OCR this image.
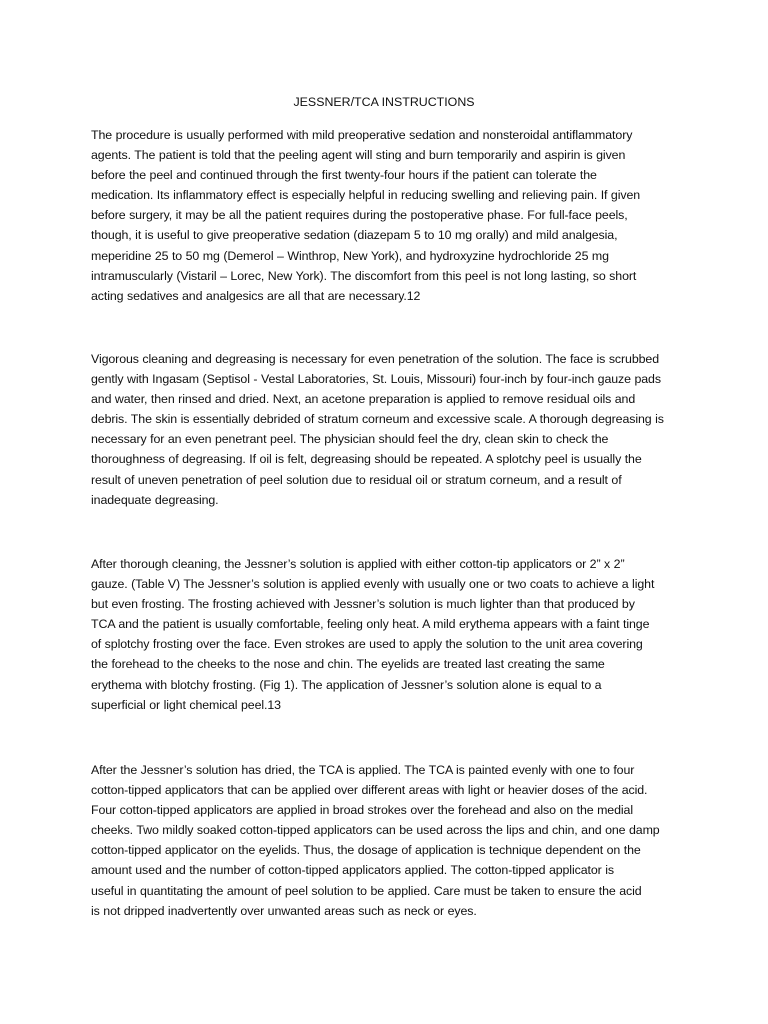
JESSNER/TCA INSTRUCTIONS

The procedure is usually performed with mild preoperative sedation and nonsteroidal antiflammatory
agents. The patient is told that the peeling agent will sting and burn temporarily and aspirin is given
before the peel and continued through the first twenty-four hours if the patient can tolerate the
medication. Its inflammatory effect is especially helpful in reducing swelling and relieving pain. If given
before surgery, it may be all the patient requires during the postoperative phase. For full-face peels,
though, it is useful to give preoperative sedation (diazepam 5 to 10 mg orally) and mild analgesia,
meperidine 25 to 50 mg (Demerol – Winthrop, New York), and hydroxyzine hydrochloride 25 mg
intramuscularly (Vistaril – Lorec, New York). The discomfort from this peel is not long lasting, so short
acting sedatives and analgesics are all that are necessary.12

Vigorous cleaning and degreasing is necessary for even penetration of the solution. The face is scrubbed
gently with Ingasam (Septisol - Vestal Laboratories, St. Louis, Missouri) four-inch by four-inch gauze pads
and water, then rinsed and dried. Next, an acetone preparation is applied to remove residual oils and
debris. The skin is essentially debrided of stratum corneum and excessive scale. A thorough degreasing is
necessary for an even penetrant peel. The physician should feel the dry, clean skin to check the
thoroughness of degreasing. If oil is felt, degreasing should be repeated. A splotchy peel is usually the
result of uneven penetration of peel solution due to residual oil or stratum corneum, and a result of
inadequate degreasing.

After thorough cleaning, the Jessner’s solution is applied with either cotton-tip applicators or 2” x 2”
gauze. (Table V) The Jessner’s solution is applied evenly with usually one or two coats to achieve a light
but even frosting. The frosting achieved with Jessner’s solution is much lighter than that produced by
TCA and the patient is usually comfortable, feeling only heat. A mild erythema appears with a faint tinge
of splotchy frosting over the face. Even strokes are used to apply the solution to the unit area covering
the forehead to the cheeks to the nose and chin. The eyelids are treated last creating the same
erythema with blotchy frosting. (Fig 1). The application of Jessner’s solution alone is equal to a
superficial or light chemical peel.13

After the Jessner’s solution has dried, the TCA is applied. The TCA is painted evenly with one to four
cotton-tipped applicators that can be applied over different areas with light or heavier doses of the acid.
Four cotton-tipped applicators are applied in broad strokes over the forehead and also on the medial
cheeks. Two mildly soaked cotton-tipped applicators can be used across the lips and chin, and one damp
cotton-tipped applicator on the eyelids. Thus, the dosage of application is technique dependent on the
amount used and the number of cotton-tipped applicators applied. The cotton-tipped applicator is
useful in quantitating the amount of peel solution to be applied. Care must be taken to ensure the acid
is not dripped inadvertently over unwanted areas such as neck or eyes.
